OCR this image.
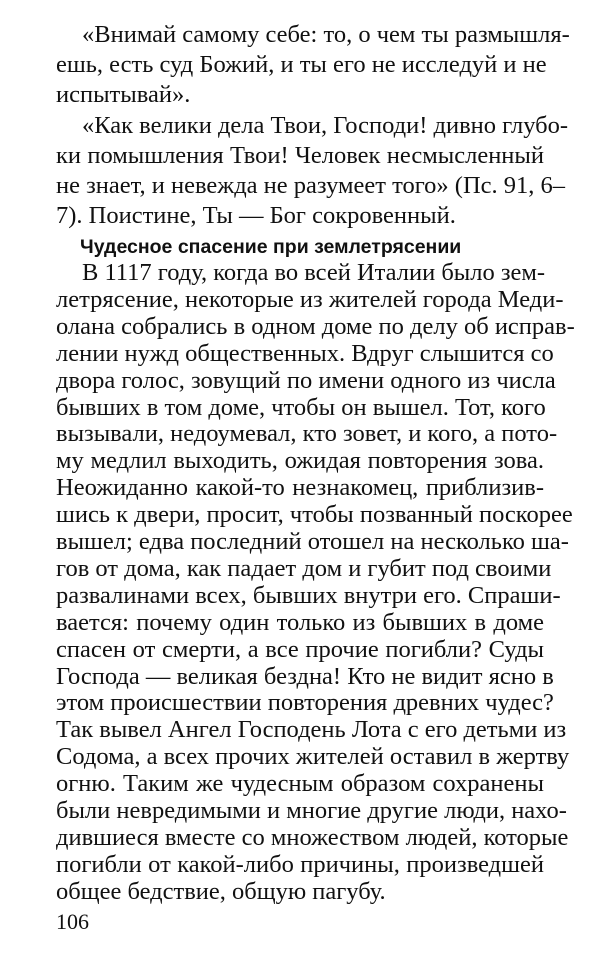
«Внимай самому себе: то, о чем ты размышля-
ешь, есть суд Божий, и ты его не исследуй и не
испытывай».
«Как велики дела Твои, Господи! дивно глубо-
ки помышления Твои! Человек несмысленный
не знает, и невежда не разумеет того» (Пс. 91, 6–
7). Поистине, Ты — Бог сокровенный.
Чудесное спасение при землетрясении
В 1117 году, когда во всей Италии было зем-
летрясение, некоторые из жителей города Меди-
олана собрались в одном доме по делу об исправ-
лении нужд общественных. Вдруг слышится со
двора голос, зовущий по имени одного из числа
бывших в том доме, чтобы он вышел. Тот, кого
вызывали, недоумевал, кто зовет, и кого, а пото-
му медлил выходить, ожидая повторения зова.
Неожиданно какой-то незнакомец, приблизив-
шись к двери, просит, чтобы позванный поскорее
вышел; едва последний отошел на несколько ша-
гов от дома, как падает дом и губит под своими
развалинами всех, бывших внутри его. Спраши-
вается: почему один только из бывших в доме
спасен от смерти, а все прочие погибли? Суды
Господа — великая бездна! Кто не видит ясно в
этом происшествии повторения древних чудес?
Так вывел Ангел Господень Лота с его детьми из
Содома, а всех прочих жителей оставил в жертву
огню. Таким же чудесным образом сохранены
были невредимыми и многие другие люди, нахо-
дившиеся вместе со множеством людей, которые
погибли от какой-либо причины, произведшей
общее бедствие, общую пагубу.
106
